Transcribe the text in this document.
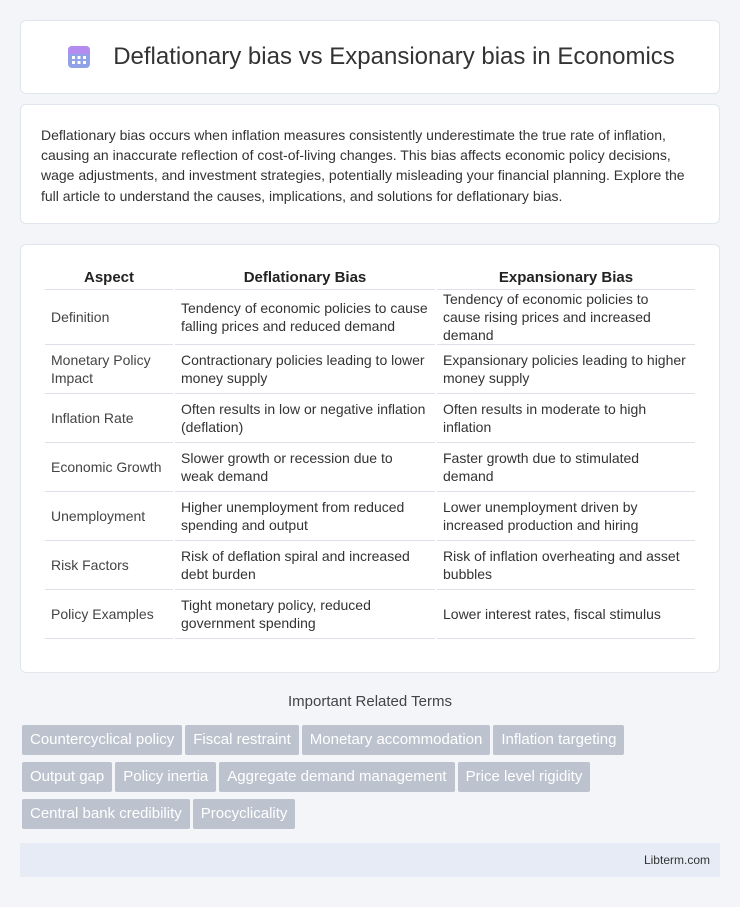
Deflationary bias vs Expansionary bias in Economics

Deflationary bias occurs when inflation measures consistently underestimate the true rate of inflation, causing an inaccurate reflection of cost-of-living changes. This bias affects economic policy decisions, wage adjustments, and investment strategies, potentially misleading your financial planning. Explore the full article to understand the causes, implications, and solutions for deflationary bias.

Aspect	Deflationary Bias	Expansionary Bias
Definition	Tendency of economic policies to cause falling prices and reduced demand	Tendency of economic policies to cause rising prices and increased demand
Monetary Policy Impact	Contractionary policies leading to lower money supply	Expansionary policies leading to higher money supply
Inflation Rate	Often results in low or negative inflation (deflation)	Often results in moderate to high inflation
Economic Growth	Slower growth or recession due to weak demand	Faster growth due to stimulated demand
Unemployment	Higher unemployment from reduced spending and output	Lower unemployment driven by increased production and hiring
Risk Factors	Risk of deflation spiral and increased debt burden	Risk of inflation overheating and asset bubbles
Policy Examples	Tight monetary policy, reduced government spending	Lower interest rates, fiscal stimulus
Important Related Terms
Countercyclical policy Fiscal restraint Monetary accommodation Inflation targeting
Output gap Policy inertia Aggregate demand management Price level rigidity
Central bank credibility Procyclicality
Libterm.com
